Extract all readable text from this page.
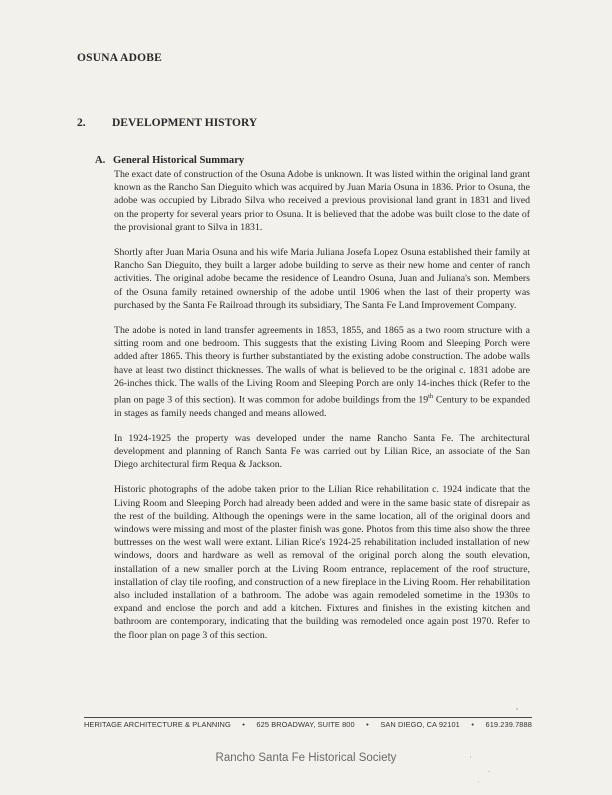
OSUNA ADOBE
2. DEVELOPMENT HISTORY
A. General Historical Summary

The exact date of construction of the Osuna Adobe is unknown. It was listed within the original land grant known as the Rancho San Dieguito which was acquired by Juan Maria Osuna in 1836. Prior to Osuna, the adobe was occupied by Librado Silva who received a previous provisional land grant in 1831 and lived on the property for several years prior to Osuna. It is believed that the adobe was built close to the date of the provisional grant to Silva in 1831.

Shortly after Juan Maria Osuna and his wife Maria Juliana Josefa Lopez Osuna established their family at Rancho San Dieguito, they built a larger adobe building to serve as their new home and center of ranch activities. The original adobe became the residence of Leandro Osuna, Juan and Juliana's son. Members of the Osuna family retained ownership of the adobe until 1906 when the last of their property was purchased by the Santa Fe Railroad through its subsidiary, The Santa Fe Land Improvement Company.

The adobe is noted in land transfer agreements in 1853, 1855, and 1865 as a two room structure with a sitting room and one bedroom. This suggests that the existing Living Room and Sleeping Porch were added after 1865. This theory is further substantiated by the existing adobe construction. The adobe walls have at least two distinct thicknesses. The walls of what is believed to be the original c. 1831 adobe are 26-inches thick. The walls of the Living Room and Sleeping Porch are only 14-inches thick (Refer to the plan on page 3 of this section). It was common for adobe buildings from the 19th Century to be expanded in stages as family needs changed and means allowed.

In 1924-1925 the property was developed under the name Rancho Santa Fe. The architectural development and planning of Ranch Santa Fe was carried out by Lilian Rice, an associate of the San Diego architectural firm Requa & Jackson.

Historic photographs of the adobe taken prior to the Lilian Rice rehabilitation c. 1924 indicate that the Living Room and Sleeping Porch had already been added and were in the same basic state of disrepair as the rest of the building. Although the openings were in the same location, all of the original doors and windows were missing and most of the plaster finish was gone. Photos from this time also show the three buttresses on the west wall were extant. Lilian Rice's 1924-25 rehabilitation included installation of new windows, doors and hardware as well as removal of the original porch along the south elevation, installation of a new smaller porch at the Living Room entrance, replacement of the roof structure, installation of clay tile roofing, and construction of a new fireplace in the Living Room. Her rehabilitation also included installation of a bathroom. The adobe was again remodeled sometime in the 1930s to expand and enclose the porch and add a kitchen. Fixtures and finishes in the existing kitchen and bathroom are contemporary, indicating that the building was remodeled once again post 1970. Refer to the floor plan on page 3 of this section.

HERITAGE ARCHITECTURE & PLANNING • 625 BROADWAY, SUITE 800 • SAN DIEGO, CA 92101 • 619.239.7888
Rancho Santa Fe Historical Society
